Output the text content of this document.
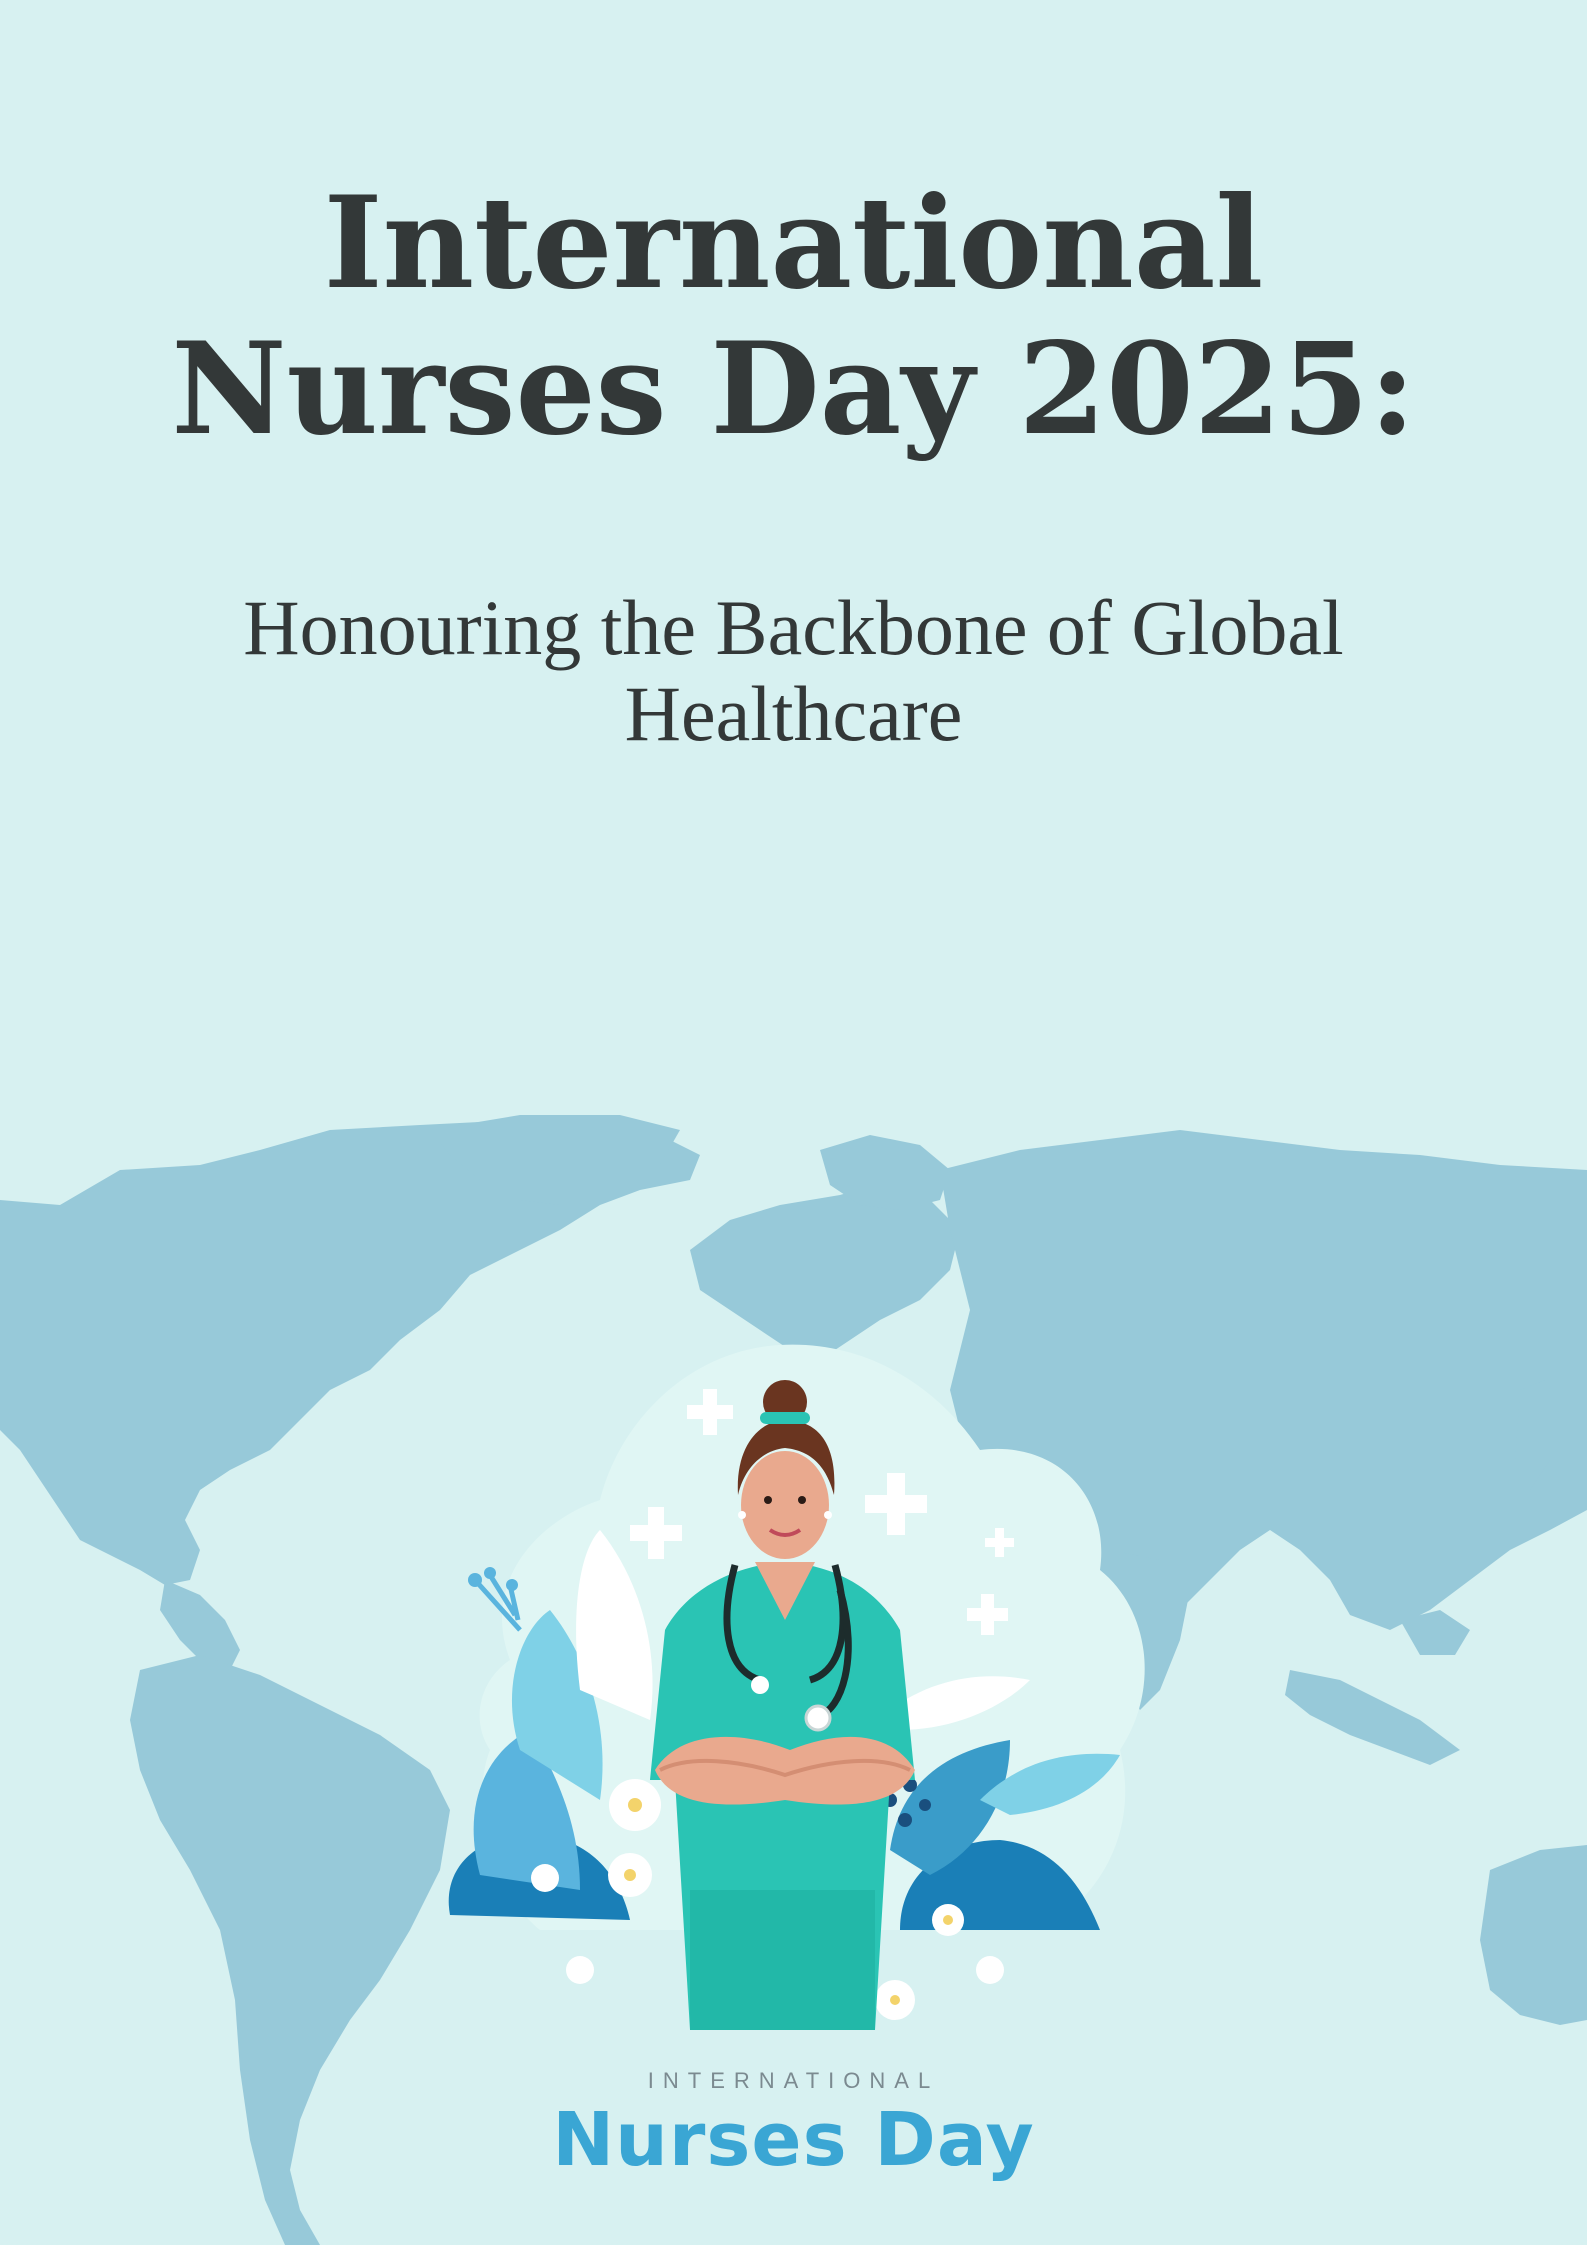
International
Nurses Day 2025:
Honouring the Backbone of Global
Healthcare
INTERNATIONAL
Nurses Day
